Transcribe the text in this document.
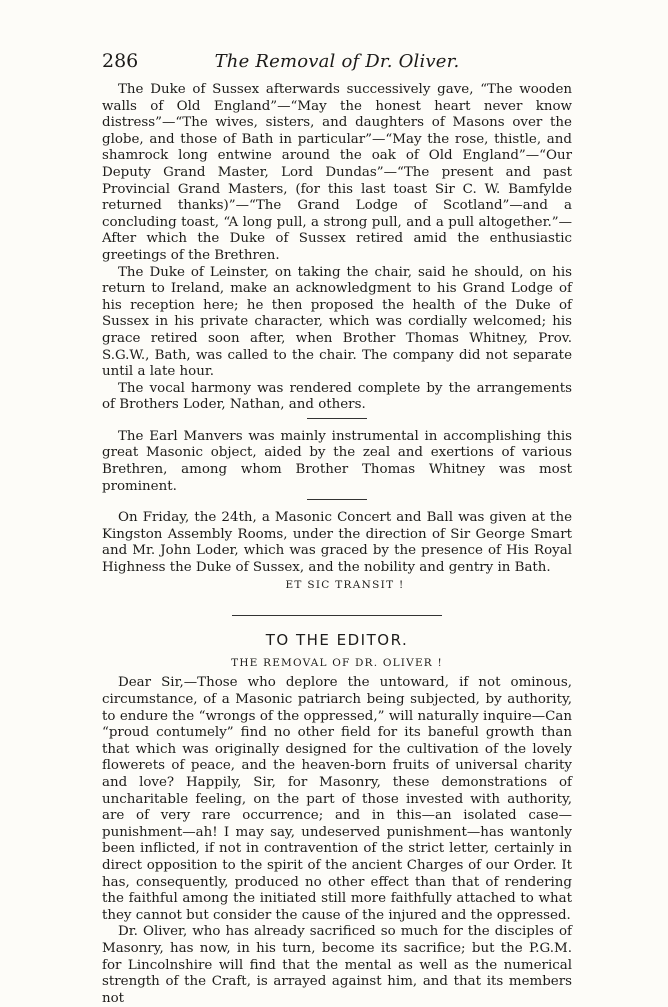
286	The Removal of Dr. Oliver.

The Duke of Sussex afterwards successively gave, “The wooden walls of Old England”—“May the honest heart never know distress”—“The wives, sisters, and daughters of Masons over the globe, and those of Bath in particular”—“May the rose, thistle, and shamrock long entwine around the oak of Old England”—“Our Deputy Grand Master, Lord Dundas”—“The present and past Provincial Grand Masters, (for this last toast Sir C. W. Bamfylde returned thanks)”—“The Grand Lodge of Scotland”—and a concluding toast, “A long pull, a strong pull, and a pull altogether.”—After which the Duke of Sussex retired amid the enthusiastic greetings of the Brethren.

The Duke of Leinster, on taking the chair, said he should, on his return to Ireland, make an acknowledgment to his Grand Lodge of his reception here; he then proposed the health of the Duke of Sussex in his private character, which was cordially welcomed; his grace retired soon after, when Brother Thomas Whitney, Prov. S.G.W., Bath, was called to the chair. The company did not separate until a late hour.

The vocal harmony was rendered complete by the arrangements of Brothers Loder, Nathan, and others.

The Earl Manvers was mainly instrumental in accomplishing this great Masonic object, aided by the zeal and exertions of various Brethren, among whom Brother Thomas Whitney was most prominent.

On Friday, the 24th, a Masonic Concert and Ball was given at the Kingston Assembly Rooms, under the direction of Sir George Smart and Mr. John Loder, which was graced by the presence of His Royal Highness the Duke of Sussex, and the nobility and gentry in Bath.

ET SIC TRANSIT !

TO THE EDITOR.
THE REMOVAL OF DR. OLIVER !

Dear Sir,—Those who deplore the untoward, if not ominous, circumstance, of a Masonic patriarch being subjected, by authority, to endure the “wrongs of the oppressed,” will naturally inquire—Can “proud contumely” find no other field for its baneful growth than that which was originally designed for the cultivation of the lovely flowerets of peace, and the heaven-born fruits of universal charity and love? Happily, Sir, for Masonry, these demonstrations of uncharitable feeling, on the part of those invested with authority, are of very rare occurrence; and in this—an isolated case—punishment—ah! I may say, undeserved punishment—has wantonly been inflicted, if not in contravention of the strict letter, certainly in direct opposition to the spirit of the ancient Charges of our Order. It has, consequently, produced no other effect than that of rendering the faithful among the initiated still more faithfully attached to what they cannot but consider the cause of the injured and the oppressed.

Dr. Oliver, who has already sacrificed so much for the disciples of Masonry, has now, in his turn, become its sacrifice; but the P.G.M. for Lincolnshire will find that the mental as well as the numerical strength of the Craft, is arrayed against him, and that its members not
